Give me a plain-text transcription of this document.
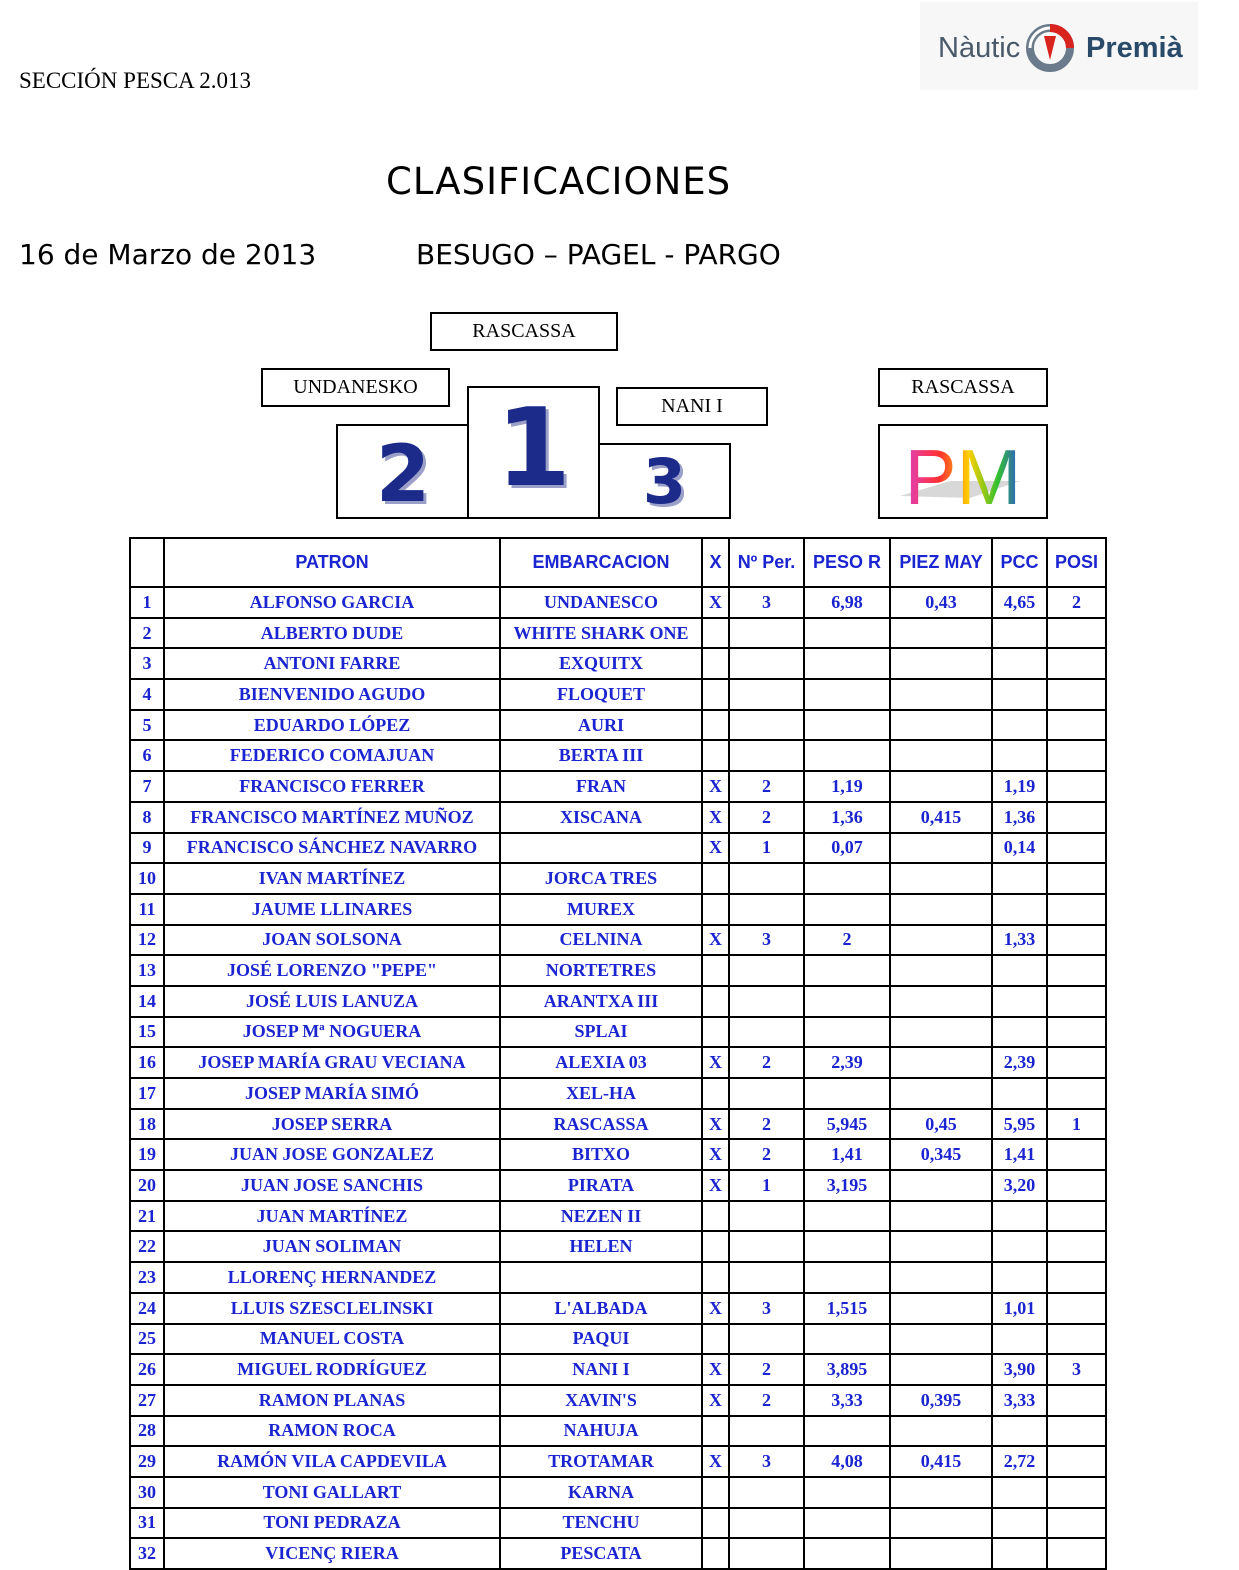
SECCIÓN PESCA 2.013
Nàutic Premià
CLASIFICACIONES
16 de Marzo de 2013	BESUGO – PAGEL - PARGO
RASCASSA
UNDANESKO
NANI I
RASCASSA
2 1	3	PM
	PATRON	EMBARCACION	X	Nº Per.	PESO R	PIEZ MAY	PCC	POSI
1	ALFONSO GARCIA	UNDANESCO	X	3	6,98	0,43	4,65	2
2	ALBERTO DUDE	WHITE SHARK ONE						
3	ANTONI FARRE	EXQUITX						
4	BIENVENIDO AGUDO	FLOQUET						
5	EDUARDO LÓPEZ	AURI						
6	FEDERICO COMAJUAN	BERTA III						
7	FRANCISCO FERRER	FRAN	X	2	1,19		1,19	
8	FRANCISCO MARTÍNEZ MUÑOZ	XISCANA	X	2	1,36	0,415	1,36	
9	FRANCISCO SÁNCHEZ NAVARRO		X	1	0,07		0,14	
10	IVAN MARTÍNEZ	JORCA TRES						
11	JAUME LLINARES	MUREX						
12	JOAN SOLSONA	CELNINA	X	3	2		1,33	
13	JOSÉ LORENZO "PEPE"	NORTETRES						
14	JOSÉ LUIS LANUZA	ARANTXA III						
15	JOSEP Mª NOGUERA	SPLAI						
16	JOSEP MARÍA GRAU VECIANA	ALEXIA 03	X	2	2,39		2,39	
17	JOSEP MARÍA SIMÓ	XEL-HA						
18	JOSEP SERRA	RASCASSA	X	2	5,945	0,45	5,95	1
19	JUAN JOSE GONZALEZ	BITXO	X	2	1,41	0,345	1,41	
20	JUAN JOSE SANCHIS	PIRATA	X	1	3,195		3,20	
21	JUAN MARTÍNEZ	NEZEN II						
22	JUAN SOLIMAN	HELEN						
23	LLORENÇ HERNANDEZ							
24	LLUIS SZESCLELINSKI	L'ALBADA	X	3	1,515		1,01	
25	MANUEL COSTA	PAQUI						
26	MIGUEL RODRÍGUEZ	NANI I	X	2	3,895		3,90	3
27	RAMON PLANAS	XAVIN'S	X	2	3,33	0,395	3,33	
28	RAMON ROCA	NAHUJA						
29	RAMÓN VILA CAPDEVILA	TROTAMAR	X	3	4,08	0,415	2,72	
30	TONI GALLART	KARNA						
31	TONI PEDRAZA	TENCHU						
32	VICENÇ RIERA	PESCATA						
